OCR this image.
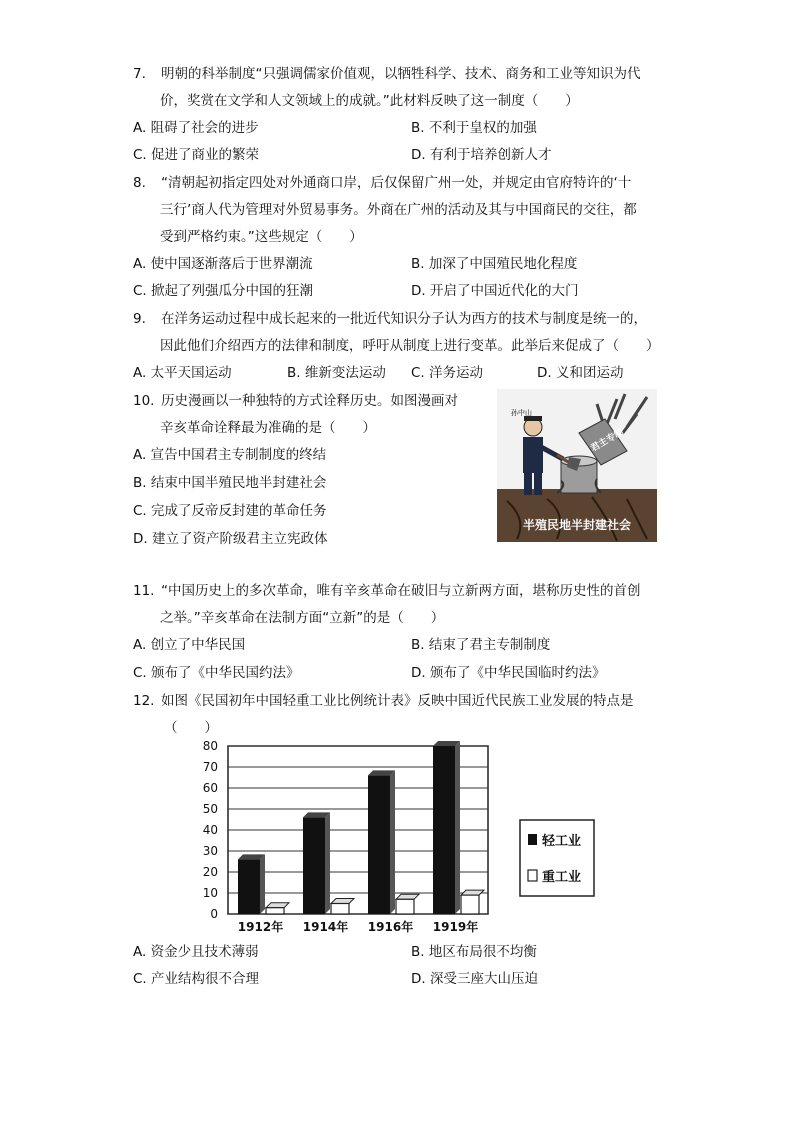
7. 明朝的科举制度“只强调儒家价值观，以牺牲科学、技术、商务和工业等知识为代
价，奖赏在文学和人文领域上的成就。”此材料反映了这一制度（　　）
A. 阻碍了社会的进步	B. 不利于皇权的加强
C. 促进了商业的繁荣	D. 有利于培养创新人才
8. “清朝起初指定四处对外通商口岸，后仅保留广州一处，并规定由官府特许的‘十
三行’商人代为管理对外贸易事务。外商在广州的活动及其与中国商民的交往，都
受到严格约束。”这些规定（　　）
A. 使中国逐渐落后于世界潮流	B. 加深了中国殖民地化程度
C. 掀起了列强瓜分中国的狂潮	D. 开启了中国近代化的大门
9. 在洋务运动过程中成长起来的一批近代知识分子认为西方的技术与制度是统一的，
因此他们介绍西方的法律和制度，呼吁从制度上进行变革。此举后来促成了（　　）
A. 太平天国运动	B. 维新变法运动 C. 洋务运动	D. 义和团运动
10. 历史漫画以一种独特的方式诠释历史。如图漫画对
辛亥革命诠释最为准确的是（　　）
A. 宣告中国君主专制制度的终结
B. 结束中国半殖民地半封建社会
C. 完成了反帝反封建的革命任务
D. 建立了资产阶级君主立宪政体
孙中山
君主专制
半殖民地半封建社会
11. “中国历史上的多次革命，唯有辛亥革命在破旧与立新两方面，堪称历史性的首创
之举。”辛亥革命在法制方面“立新”的是（　　）
A. 创立了中华民国	B. 结束了君主专制制度
C. 颁布了《中华民国约法》	D. 颁布了《中华民国临时约法》
12. 如图《民国初年中国轻重工业比例统计表》反映中国近代民族工业发展的特点是
（　　）
0
10
20
30
40
50
60
70
80
1912年 1914年 1916年 1919年
轻工业
重工业
A. 资金少且技术薄弱	B. 地区布局很不均衡
C. 产业结构很不合理	D. 深受三座大山压迫
